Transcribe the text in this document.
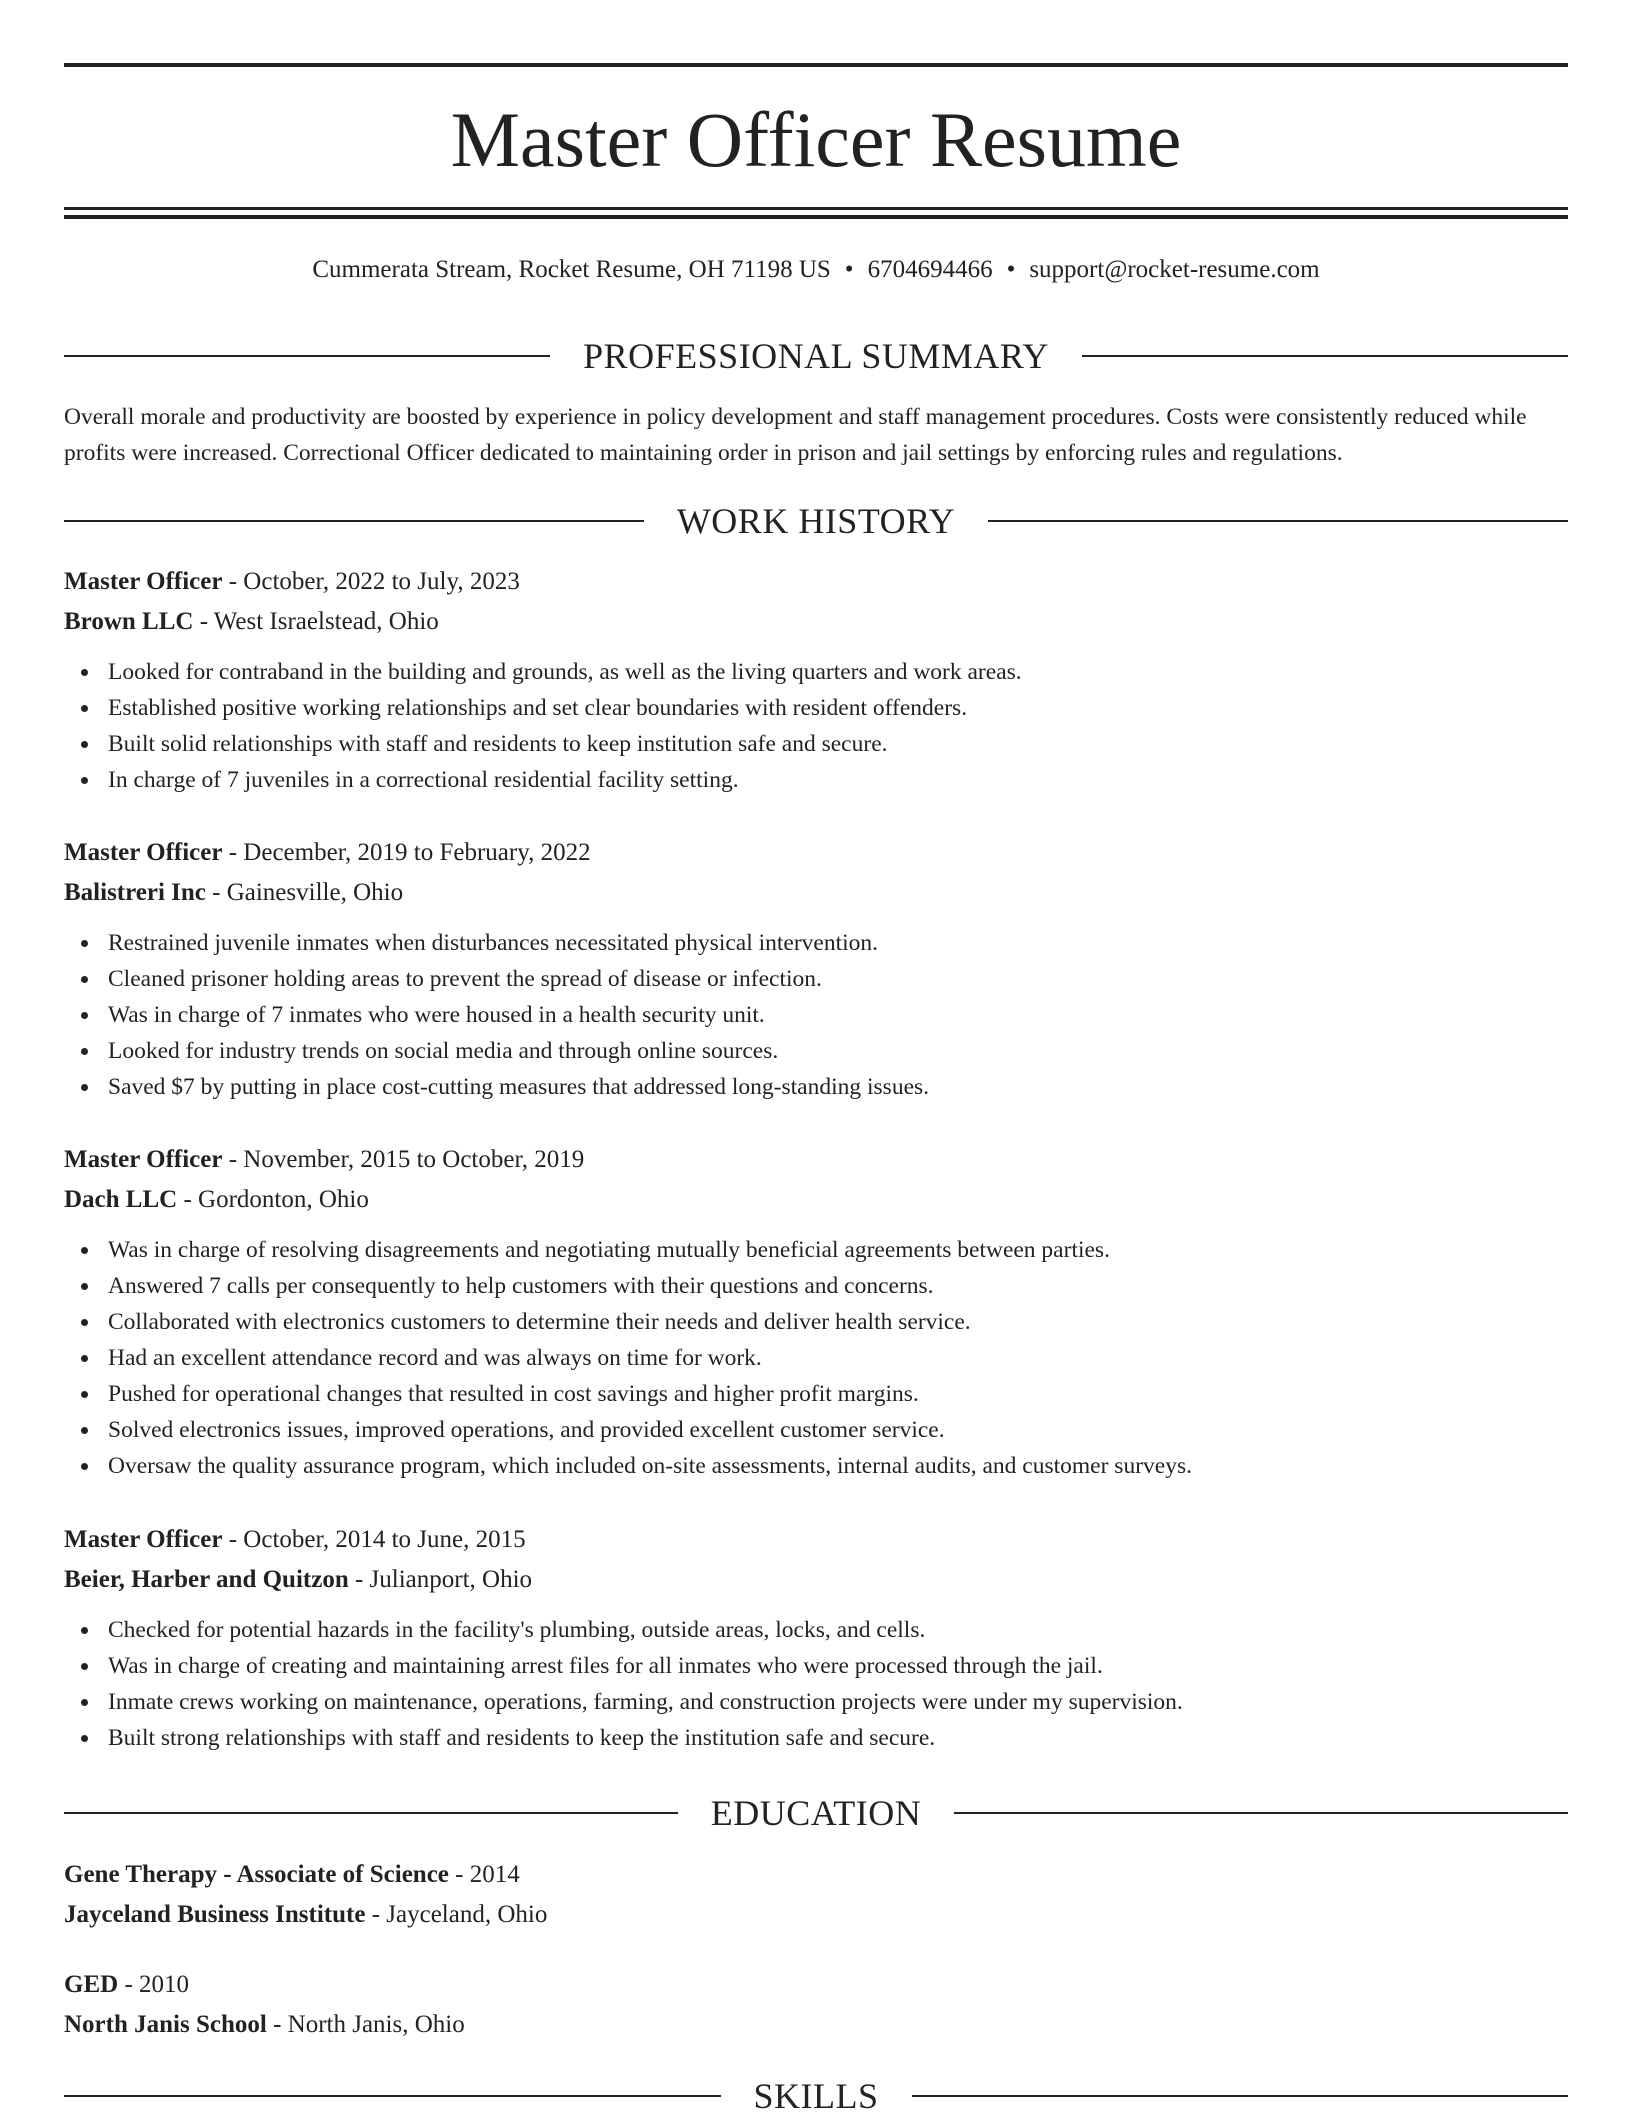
Master Officer Resume
Cummerata Stream, Rocket Resume, OH 71198 US • 6704694466 • support@rocket-resume.com
PROFESSIONAL SUMMARY

Overall morale and productivity are boosted by experience in policy development and staff management procedures. Costs were consistently reduced while profits were increased. Correctional Officer dedicated to maintaining order in prison and jail settings by enforcing rules and regulations.

WORK HISTORY
Master Officer - October, 2022 to July, 2023
Brown LLC - West Israelstead, Ohio
Looked for contraband in the building and grounds, as well as the living quarters and work areas.
Established positive working relationships and set clear boundaries with resident offenders.
Built solid relationships with staff and residents to keep institution safe and secure.
In charge of 7 juveniles in a correctional residential facility setting.
Master Officer - December, 2019 to February, 2022
Balistreri Inc - Gainesville, Ohio
Restrained juvenile inmates when disturbances necessitated physical intervention.
Cleaned prisoner holding areas to prevent the spread of disease or infection.
Was in charge of 7 inmates who were housed in a health security unit.
Looked for industry trends on social media and through online sources.
Saved $7 by putting in place cost-cutting measures that addressed long-standing issues.
Master Officer - November, 2015 to October, 2019
Dach LLC - Gordonton, Ohio
Was in charge of resolving disagreements and negotiating mutually beneficial agreements between parties.
Answered 7 calls per consequently to help customers with their questions and concerns.
Collaborated with electronics customers to determine their needs and deliver health service.
Had an excellent attendance record and was always on time for work.
Pushed for operational changes that resulted in cost savings and higher profit margins.
Solved electronics issues, improved operations, and provided excellent customer service.
Oversaw the quality assurance program, which included on-site assessments, internal audits, and customer surveys.
Master Officer - October, 2014 to June, 2015
Beier, Harber and Quitzon - Julianport, Ohio
Checked for potential hazards in the facility's plumbing, outside areas, locks, and cells.
Was in charge of creating and maintaining arrest files for all inmates who were processed through the jail.
Inmate crews working on maintenance, operations, farming, and construction projects were under my supervision.
Built strong relationships with staff and residents to keep the institution safe and secure.
EDUCATION
Gene Therapy - Associate of Science - 2014
Jayceland Business Institute - Jayceland, Ohio
GED - 2010
North Janis School - North Janis, Ohio
SKILLS
